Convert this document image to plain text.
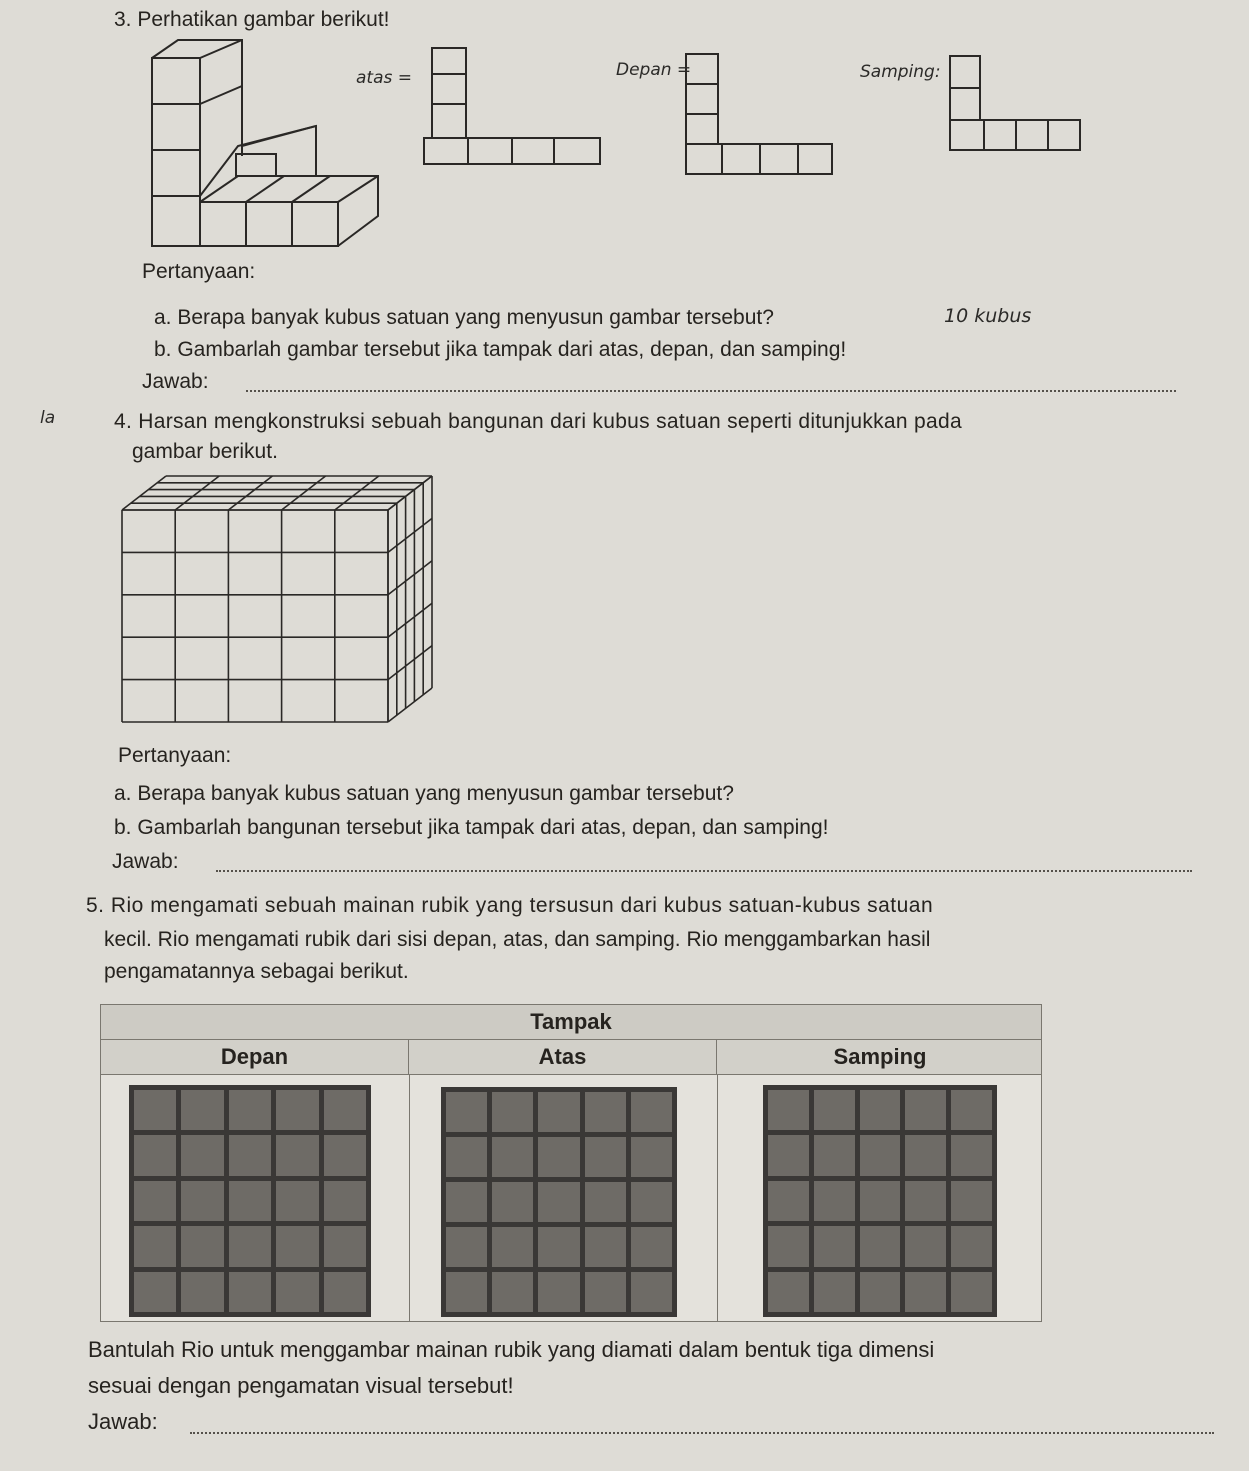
3. Perhatikan gambar berikut!
atas =	Depan =	Samping:
Pertanyaan:
a. Berapa banyak kubus satuan yang menyusun gambar tersebut?	10 kubus
b. Gambarlah gambar tersebut jika tampak dari atas, depan, dan samping!
Jawab:
la	4. Harsan mengkonstruksi sebuah bangunan dari kubus satuan seperti ditunjukkan pada
gambar berikut.
Pertanyaan:
a. Berapa banyak kubus satuan yang menyusun gambar tersebut?
b. Gambarlah bangunan tersebut jika tampak dari atas, depan, dan samping!
Jawab:
5. Rio mengamati sebuah mainan rubik yang tersusun dari kubus satuan-kubus satuan
kecil. Rio mengamati rubik dari sisi depan, atas, dan samping. Rio menggambarkan hasil
pengamatannya sebagai berikut.
Tampak
Depan	Atas	Samping
Bantulah Rio untuk menggambar mainan rubik yang diamati dalam bentuk tiga dimensi
sesuai dengan pengamatan visual tersebut!
Jawab:
